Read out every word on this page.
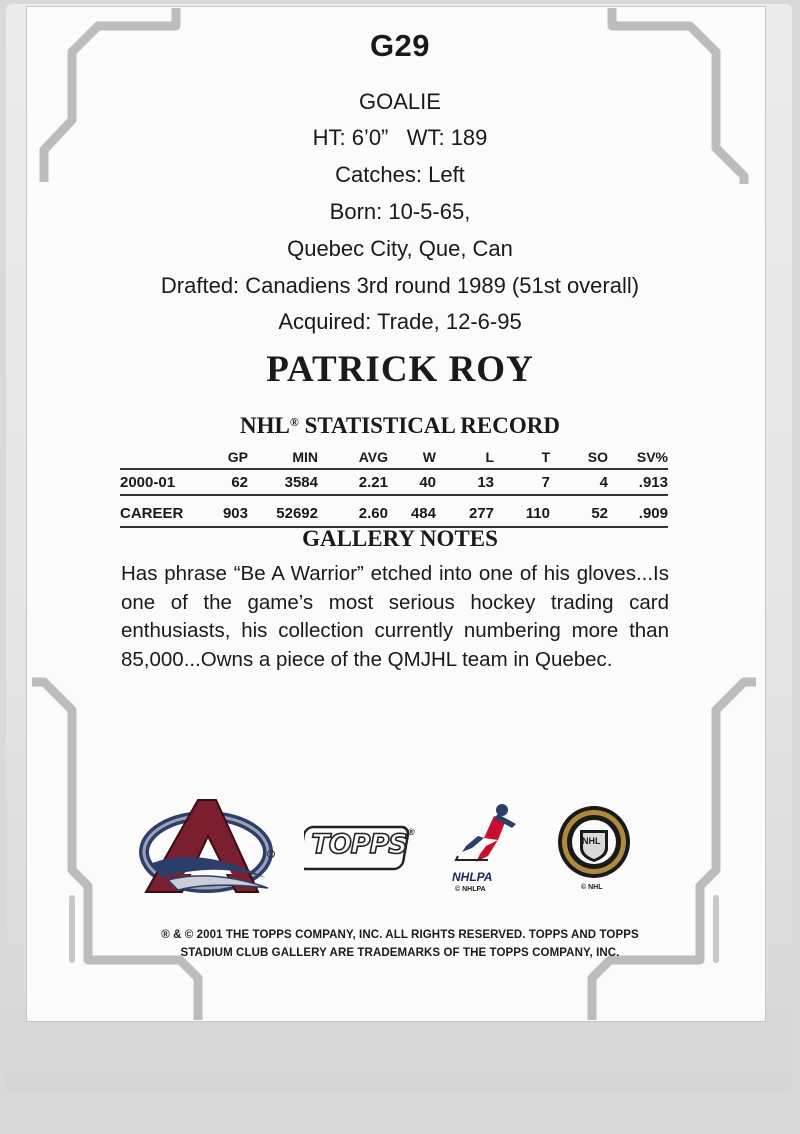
G29
GOALIE
HT: 6’0”   WT: 189
Catches: Left
Born: 10-5-65,
Quebec City, Que, Can
Drafted: Canadiens 3rd round 1989 (51st overall)
Acquired: Trade, 12-6-95
PATRICK ROY
NHL® STATISTICAL RECORD
	GP	MIN	AVG	W	L	T	SO	SV%
2000-01	62	3584	2.21	40	13	7	4	.913
CAREER	903	52692	2.60	484	277	110	52	.909
GALLERY NOTES
Has phrase “Be A Warrior” etched into one of his gloves...Is one of the game’s most serious hockey trading card enthusiasts, his collection currently numbering more than 85,000...Owns a piece of the QMJHL team in Quebec.
TOPPS ®
NHLPA
© NHLPA
NHL
© NHL
® & © 2001 THE TOPPS COMPANY, INC. ALL RIGHTS RESERVED. TOPPS AND TOPPS
STADIUM CLUB GALLERY ARE TRADEMARKS OF THE TOPPS COMPANY, INC.
